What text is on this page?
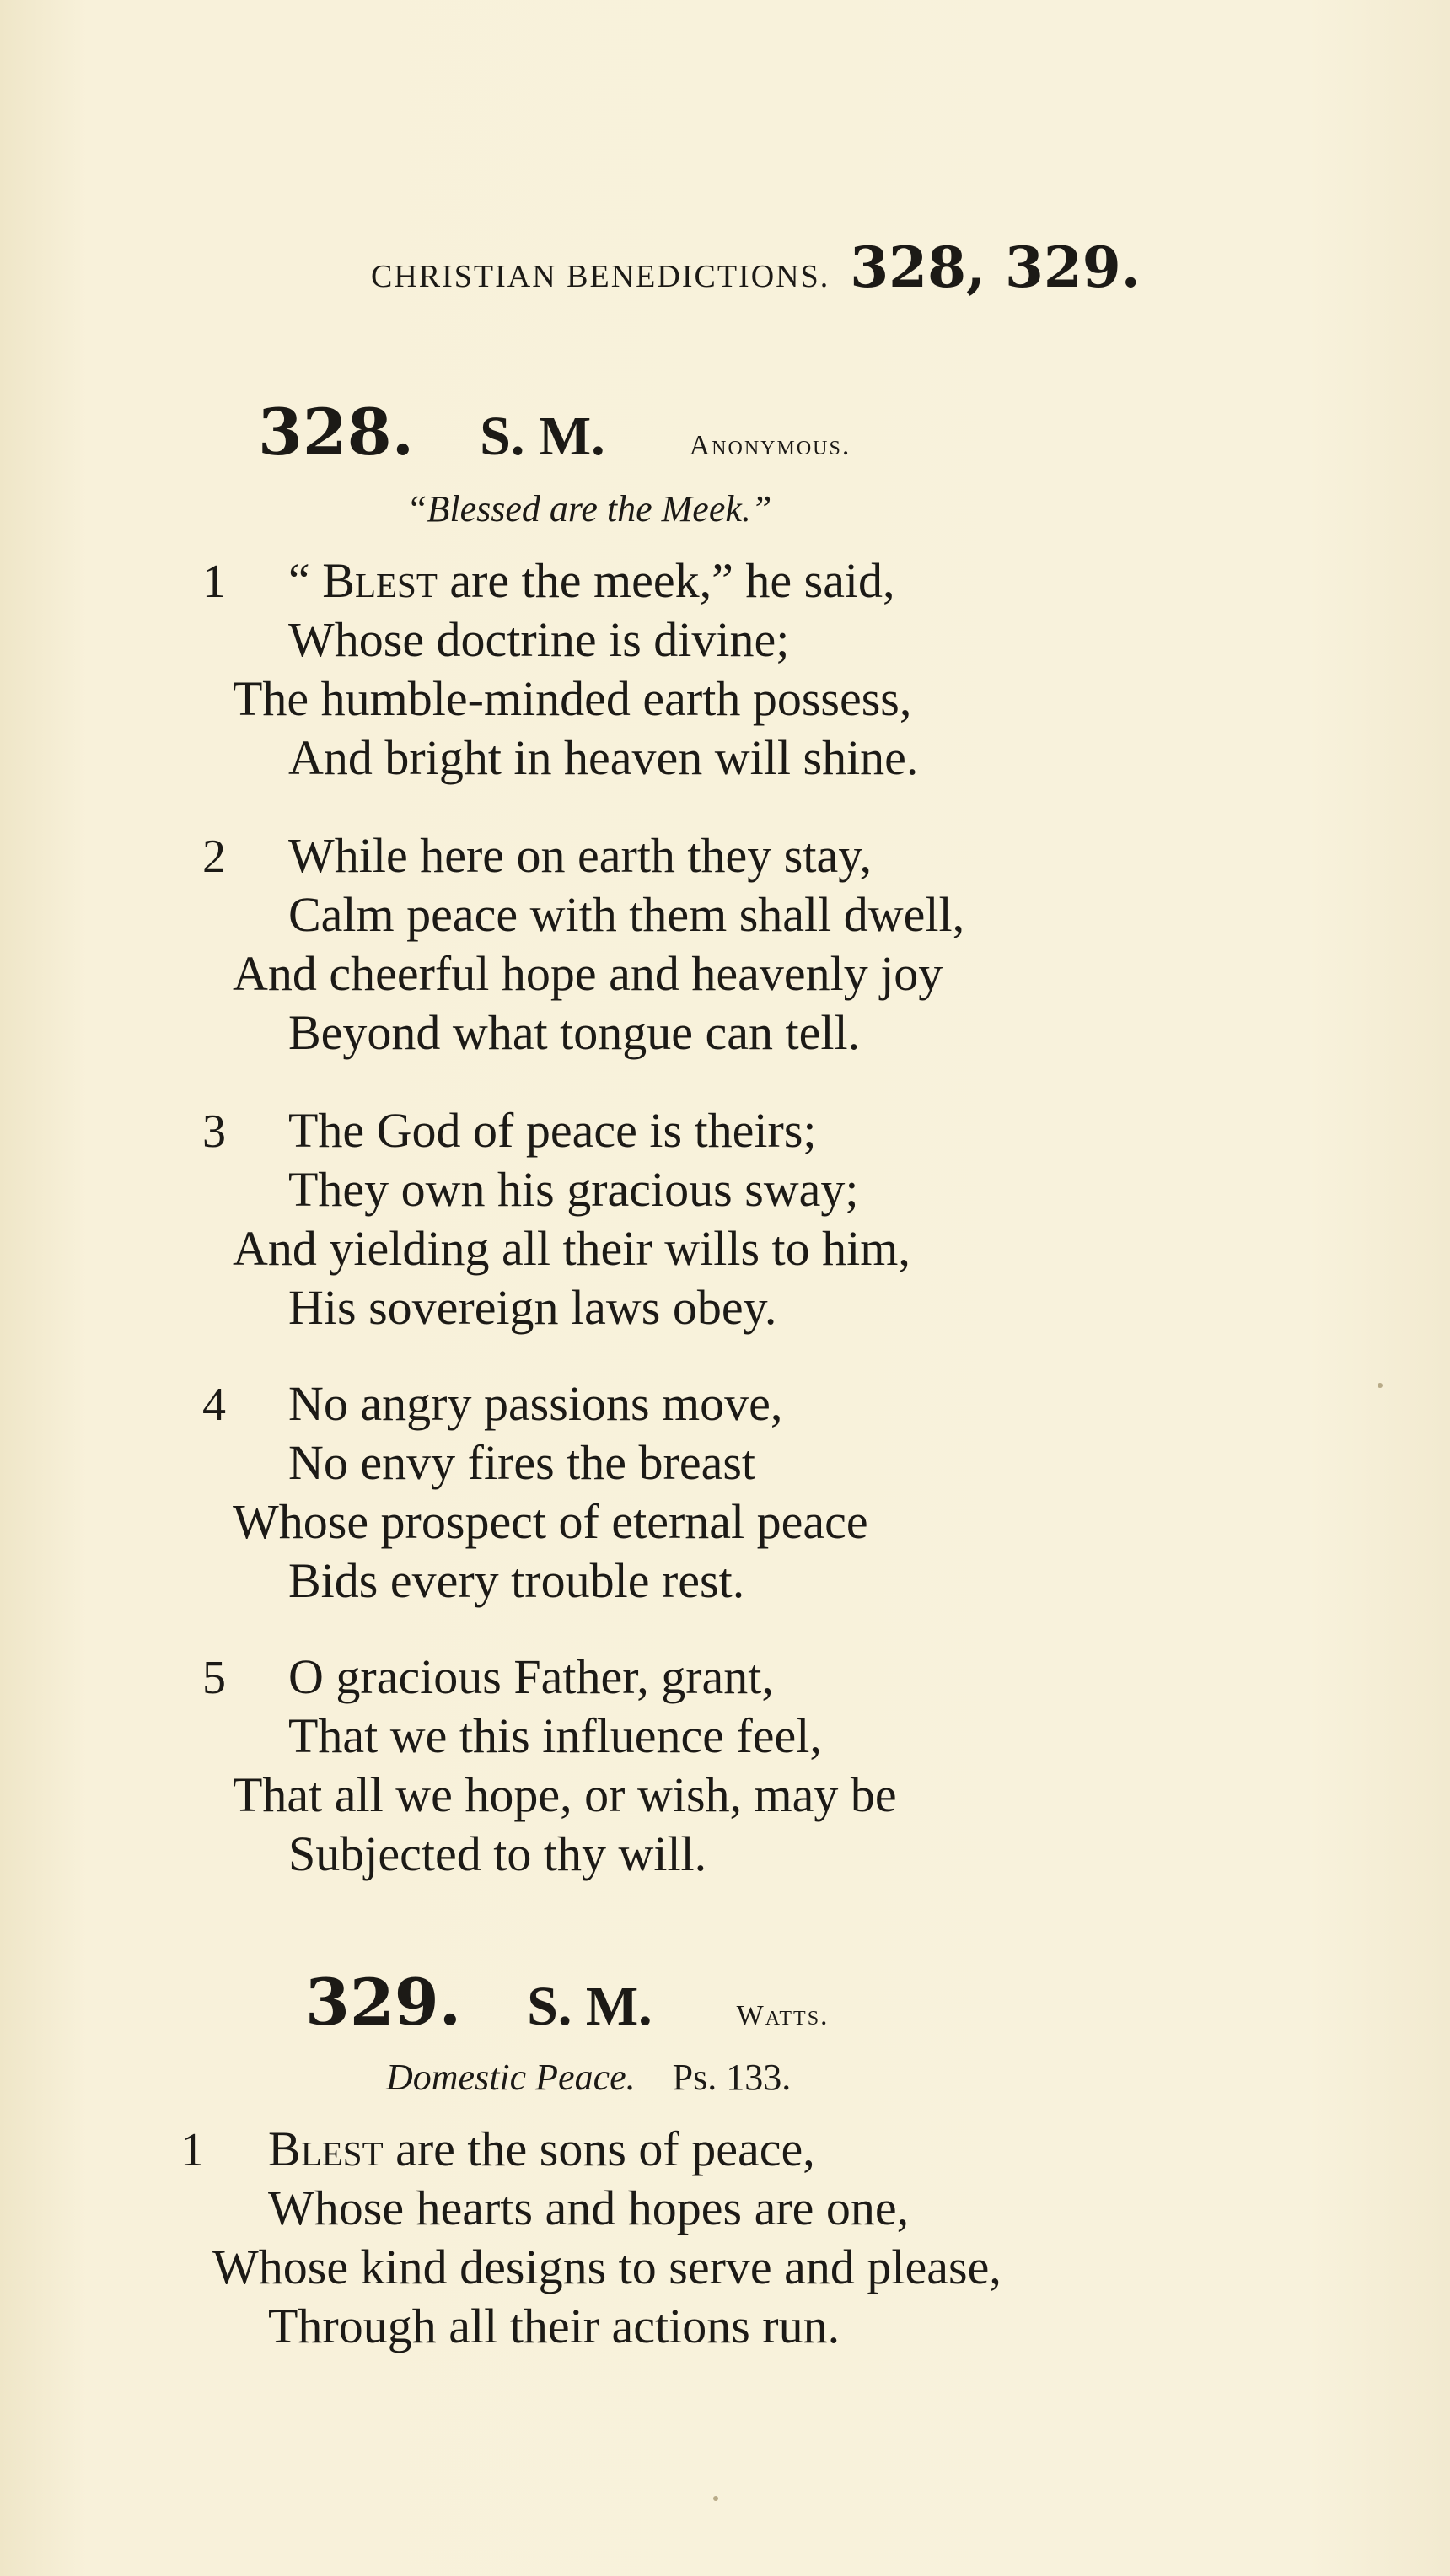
CHRISTIAN BENEDICTIONS. 328, 329.
328. S. M.	Anonymous.
“Blessed are the Meek.”
1 “ Blest are the meek,” he said,
Whose doctrine is divine;
The humble-minded earth possess,
And bright in heaven will shine.
2 While here on earth they stay,
Calm peace with them shall dwell,
And cheerful hope and heavenly joy
Beyond what tongue can tell.
3 The God of peace is theirs;
They own his gracious sway;
And yielding all their wills to him,
His sovereign laws obey.
4 No angry passions move,
No envy fires the breast
Whose prospect of eternal peace
Bids every trouble rest.
5 O gracious Father, grant,
That we this influence feel,
That all we hope, or wish, may be
Subjected to thy will.
329. S. M.	Watts.
Domestic Peace. Ps. 133.
1 Blest are the sons of peace,
Whose hearts and hopes are one,
Whose kind designs to serve and please,
Through all their actions run.
